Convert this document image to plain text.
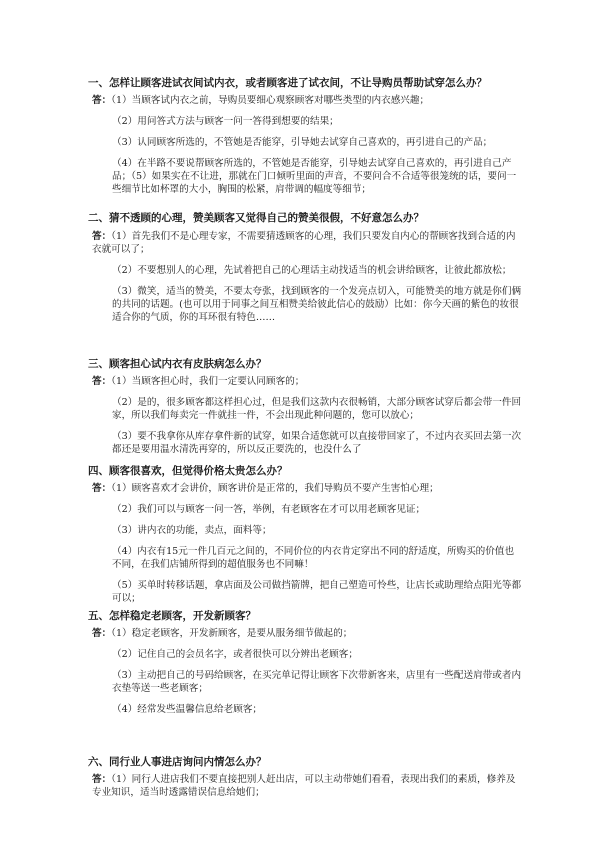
一、怎样让顾客进试衣间试内衣，或者顾客进了试衣间，不让导购员帮助试穿怎么办？

答：（1）当顾客试内衣之前，导购员要细心观察顾客对哪些类型的内衣感兴趣；

（2）用问答式方法与顾客一问一答得到想要的结果；

（3）认同顾客所选的，不管她是否能穿，引导她去试穿自己喜欢的，再引进自己的产品；

（4）在半路不要说帮顾客所选的，不管她是否能穿，引导她去试穿自己喜欢的，再引进自己产品；（5）如果实在不让进，那就在门口倾听里面的声音，不要问合不合适等很笼统的话，要问一些细节比如杯罩的大小，胸围的松紧，肩带调的幅度等细节；

二、猜不透顾的心理，赞美顾客又觉得自己的赞美很假，不好意怎么办？

答：（1）首先我们不是心理专家，不需要猜透顾客的心理，我们只要发自内心的帮顾客找到合适的内衣就可以了；

（2）不要想别人的心理，先试着把自己的心理话主动找适当的机会讲给顾客，让彼此都放松；

（3）微笑，适当的赞美，不要太夸张，找到顾客的一个发亮点切入，可能赞美的地方就是你们俩的共同的话题。(也可以用于同事之间互相赞美给彼此信心的鼓励）比如：你今天画的紫色的妆很适合你的气质，你的耳环很有特色……

三、顾客担心试内衣有皮肤病怎么办？

答：（1）当顾客担心时，我们一定要认同顾客的；

（2）是的，很多顾客都这样担心过，但是我们这款内衣很畅销，大部分顾客试穿后都会带一件回家，所以我们每卖完一件就挂一件，不会出现此种问题的，您可以放心；

（3）要不我拿你从库存拿件新的试穿，如果合适您就可以直接带回家了，不过内衣买回去第一次都还是要用温水清洗再穿的，所以反正要洗的，也没什么了

四、顾客很喜欢，但觉得价格太贵怎么办？

答：（1）顾客喜欢才会讲价，顾客讲价是正常的，我们导购员不要产生害怕心理；

（2）我们可以与顾客一问一答，举例，有老顾客在才可以用老顾客见证；

（3）讲内衣的功能，卖点，面料等；

（4）内衣有15元一件几百元之间的，不同价位的内衣肯定穿出不同的舒适度，所购买的价值也不同，在我们店铺所得到的超值服务也不同嘛！

（5）买单时转移话题，拿店面及公司做挡箭牌，把自己塑造可怜些，让店长或助理给点阳光等都可以；

五、怎样稳定老顾客，开发新顾客？

答：（1）稳定老顾客，开发新顾客，是要从服务细节做起的；

（2）记住自己的会员名字，或者很快可以分辨出老顾客；

（3）主动把自己的号码给顾客，在买完单记得让顾客下次带新客来，店里有一些配送肩带或者内衣垫等送一些老顾客；

（4）经常发些温馨信息给老顾客；

六、同行业人事进店询问内情怎么办？

答：（1）同行人进店我们不要直接把别人赶出店，可以主动带她们看看，表现出我们的素质，修养及专业知识，适当时透露错误信息给她们；
